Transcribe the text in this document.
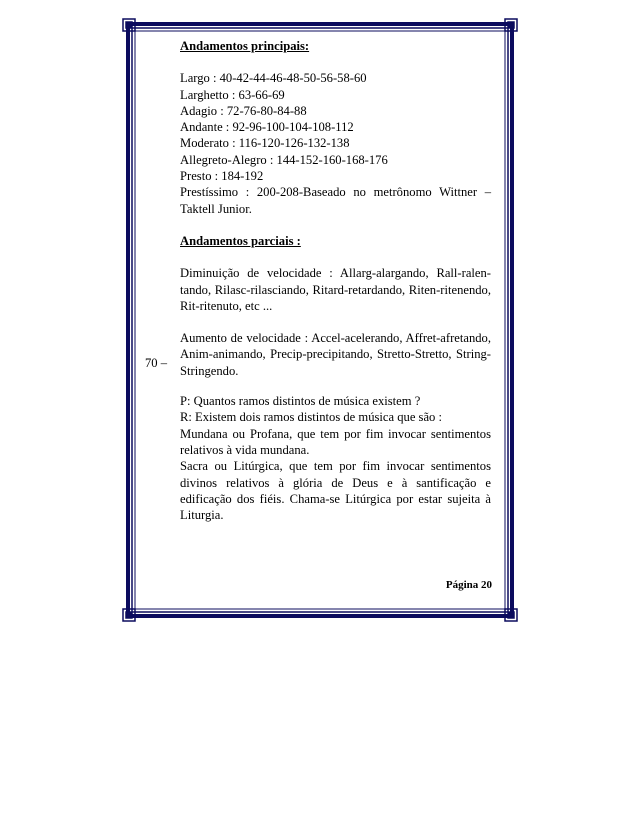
Andamentos principais:

Largo : 40-42-44-46-48-50-56-58-60

Larghetto : 63-66-69

Adagio : 72-76-80-84-88

Andante : 92-96-100-104-108-112

Moderato : 116-120-126-132-138

Allegreto-Alegro : 144-152-160-168-176

Presto : 184-192

Prestíssimo : 200-208-Baseado no metrônomo Wittner – Taktell Junior.

Andamentos parciais :

Diminuição de velocidade : Allarg-alargando, Rall-ralen-tando, Rilasc-rilasciando, Ritard-retardando, Riten-ritenendo, Rit-ritenuto, etc ...

Aumento de velocidade : Accel-acelerando, Affret-afretando, Anim-animando, Precip-precipitando, Stretto-Stretto, String-Stringendo.

P: Quantos ramos distintos de música existem ?

R: Existem dois ramos distintos de música que são :

Mundana ou Profana, que tem por fim invocar sentimentos relativos à vida mundana.

Sacra ou Litúrgica, que tem por fim invocar sentimentos divinos relativos à glória de Deus e à santificação e edificação dos fiéis. Chama-se Litúrgica por estar sujeita à Liturgia.

70 –
Página 20
